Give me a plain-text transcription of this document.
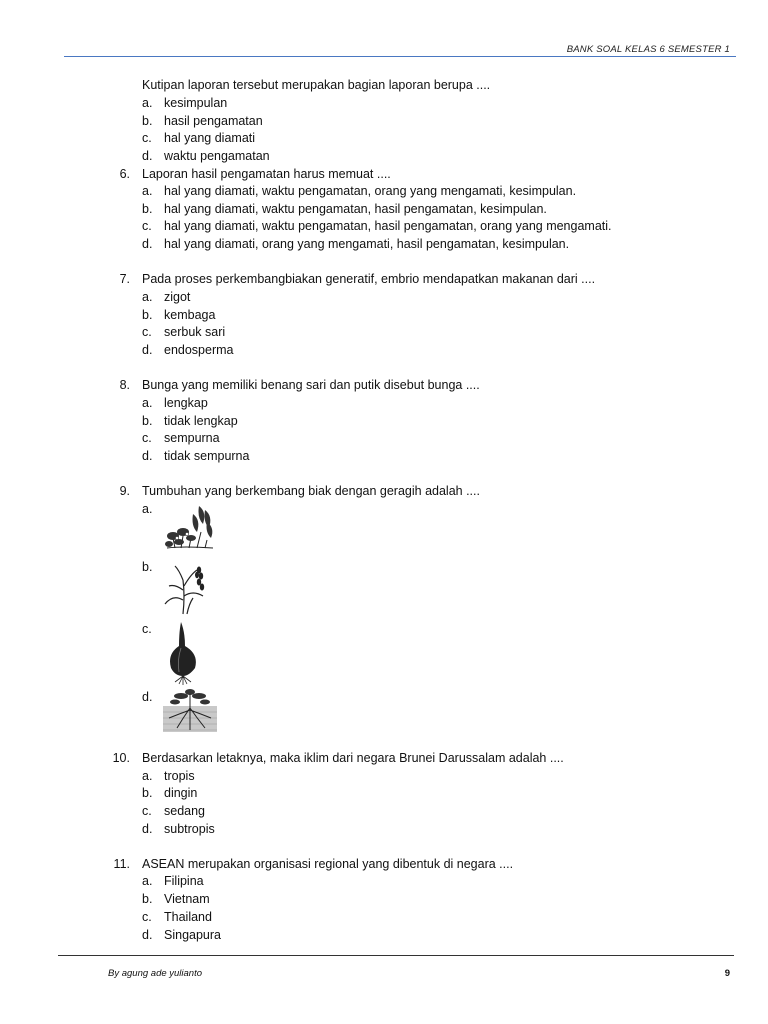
BANK SOAL KELAS 6 SEMESTER 1
Kutipan laporan tersebut merupakan bagian laporan berupa ....
a. kesimpulan
b. hasil pengamatan
c. hal yang diamati
d. waktu pengamatan
6. Laporan hasil pengamatan harus memuat ....
a. hal yang diamati, waktu pengamatan, orang yang mengamati, kesimpulan.
b. hal yang diamati, waktu pengamatan, hasil pengamatan, kesimpulan.
c. hal yang diamati, waktu pengamatan, hasil pengamatan, orang yang mengamati.
d. hal yang diamati, orang yang mengamati, hasil pengamatan, kesimpulan.
7. Pada proses perkembangbiakan generatif, embrio mendapatkan makanan dari ....
a. zigot
b. kembaga
c. serbuk sari
d. endosperma
8. Bunga yang memiliki benang sari dan putik disebut bunga ....
a. lengkap
b. tidak lengkap
c. sempurna
d. tidak sempurna
9. Tumbuhan yang berkembang biak dengan geragih adalah ....
a.
b.
c.
d.
10. Berdasarkan letaknya, maka iklim dari negara Brunei Darussalam adalah ....
a. tropis
b. dingin
c. sedang
d. subtropis
11. ASEAN merupakan organisasi regional yang dibentuk di negara ....
a. Filipina
b. Vietnam
c. Thailand
d. Singapura
By agung ade yulianto	9
